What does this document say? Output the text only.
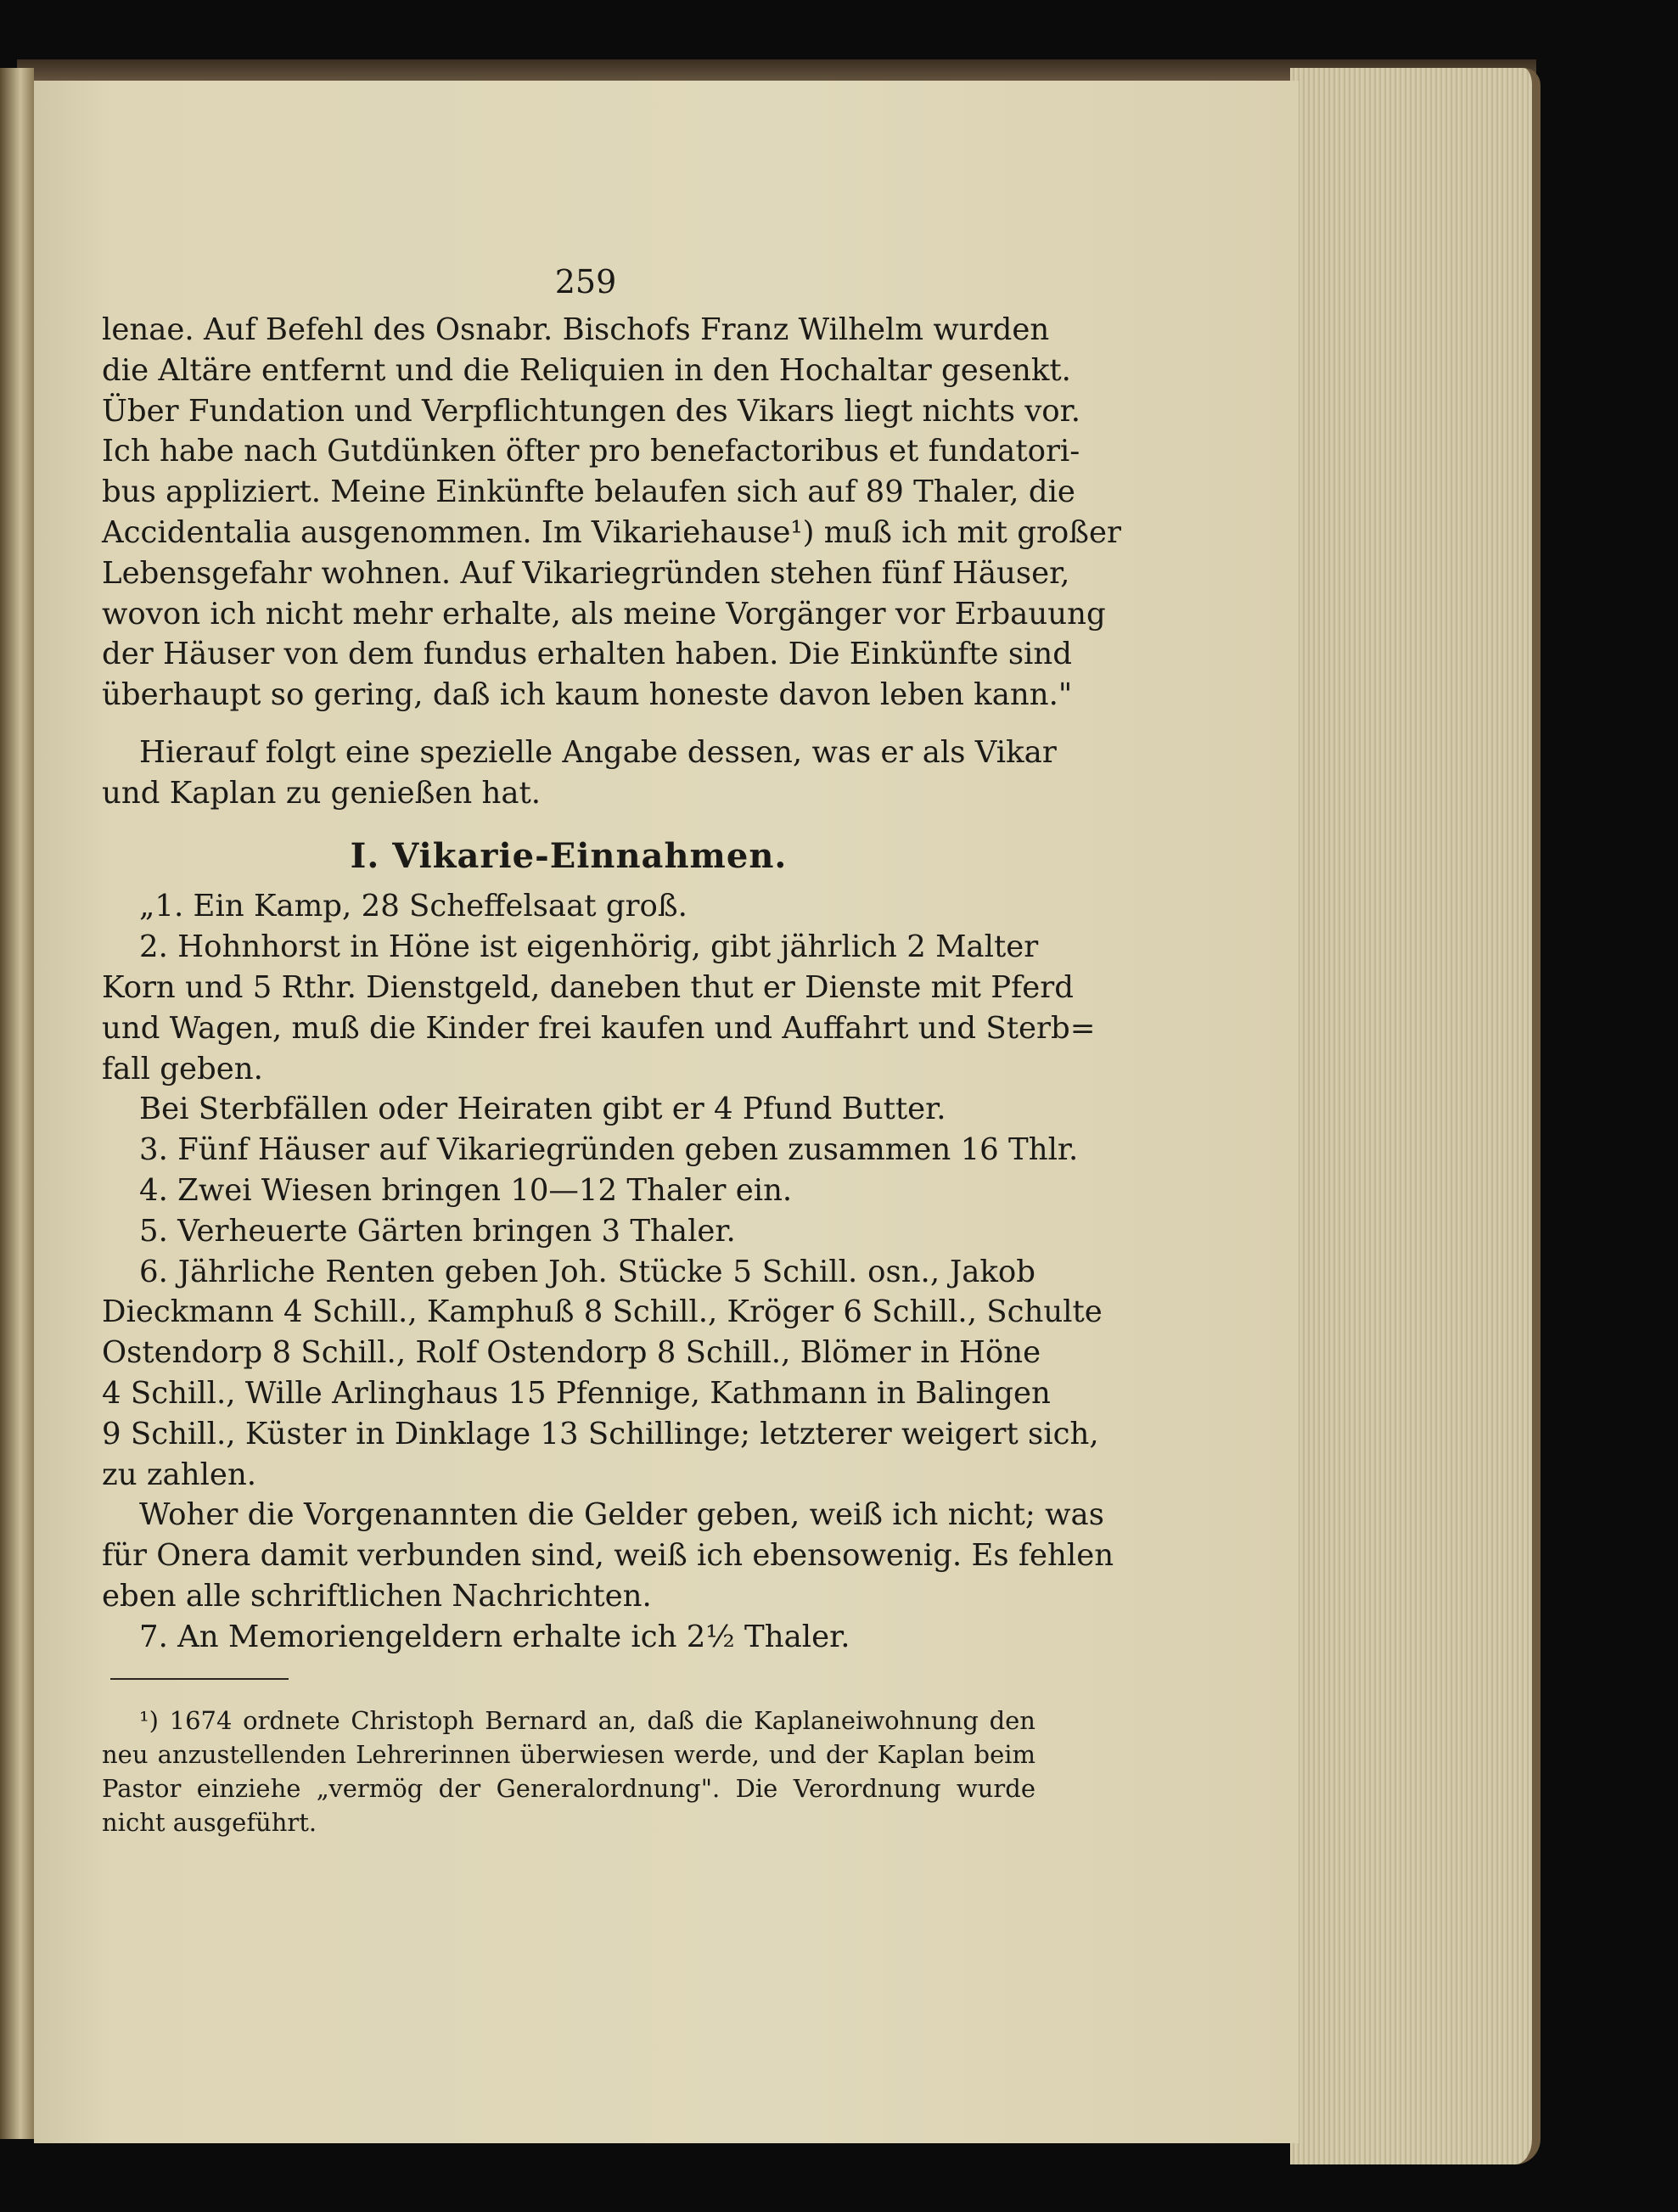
259

lenae. Auf Befehl des Osnabr. Bischofs Franz Wilhelm wurden
die Altäre entfernt und die Reliquien in den Hochaltar gesenkt.
Über Fundation und Verpflichtungen des Vikars liegt nichts vor.
Ich habe nach Gutdünken öfter pro benefactoribus et fundatori-
bus appliziert. Meine Einkünfte belaufen sich auf 89 Thaler, die
Accidentalia ausgenommen. Im Vikariehause¹) muß ich mit großer
Lebensgefahr wohnen. Auf Vikariegründen stehen fünf Häuser,
wovon ich nicht mehr erhalte, als meine Vorgänger vor Erbauung
der Häuser von dem fundus erhalten haben. Die Einkünfte sind
überhaupt so gering, daß ich kaum honeste davon leben kann."

Hierauf folgt eine spezielle Angabe dessen, was er als Vikar
und Kaplan zu genießen hat.

I. Vikarie-Einnahmen.

„1. Ein Kamp, 28 Scheffelsaat groß.
2. Hohnhorst in Höne ist eigenhörig, gibt jährlich 2 Malter
Korn und 5 Rthr. Dienstgeld, daneben thut er Dienste mit Pferd
und Wagen, muß die Kinder frei kaufen und Auffahrt und Sterb=
fall geben.
Bei Sterbfällen oder Heiraten gibt er 4 Pfund Butter.
3. Fünf Häuser auf Vikariegründen geben zusammen 16 Thlr.
4. Zwei Wiesen bringen 10—12 Thaler ein.
5. Verheuerte Gärten bringen 3 Thaler.
6. Jährliche Renten geben Joh. Stücke 5 Schill. osn., Jakob
Dieckmann 4 Schill., Kamphuß 8 Schill., Kröger 6 Schill., Schulte
Ostendorp 8 Schill., Rolf Ostendorp 8 Schill., Blömer in Höne
4 Schill., Wille Arlinghaus 15 Pfennige, Kathmann in Balingen
9 Schill., Küster in Dinklage 13 Schillinge; letzterer weigert sich,
zu zahlen.
Woher die Vorgenannten die Gelder geben, weiß ich nicht; was
für Onera damit verbunden sind, weiß ich ebensowenig. Es fehlen
eben alle schriftlichen Nachrichten.
7. An Memoriengeldern erhalte ich 2½ Thaler.

¹) 1674 ordnete Christoph Bernard an, daß die Kaplaneiwohnung den
neu anzustellenden Lehrerinnen überwiesen werde, und der Kaplan beim
Pastor einziehe „vermög der Generalordnung". Die Verordnung wurde
nicht ausgeführt.
